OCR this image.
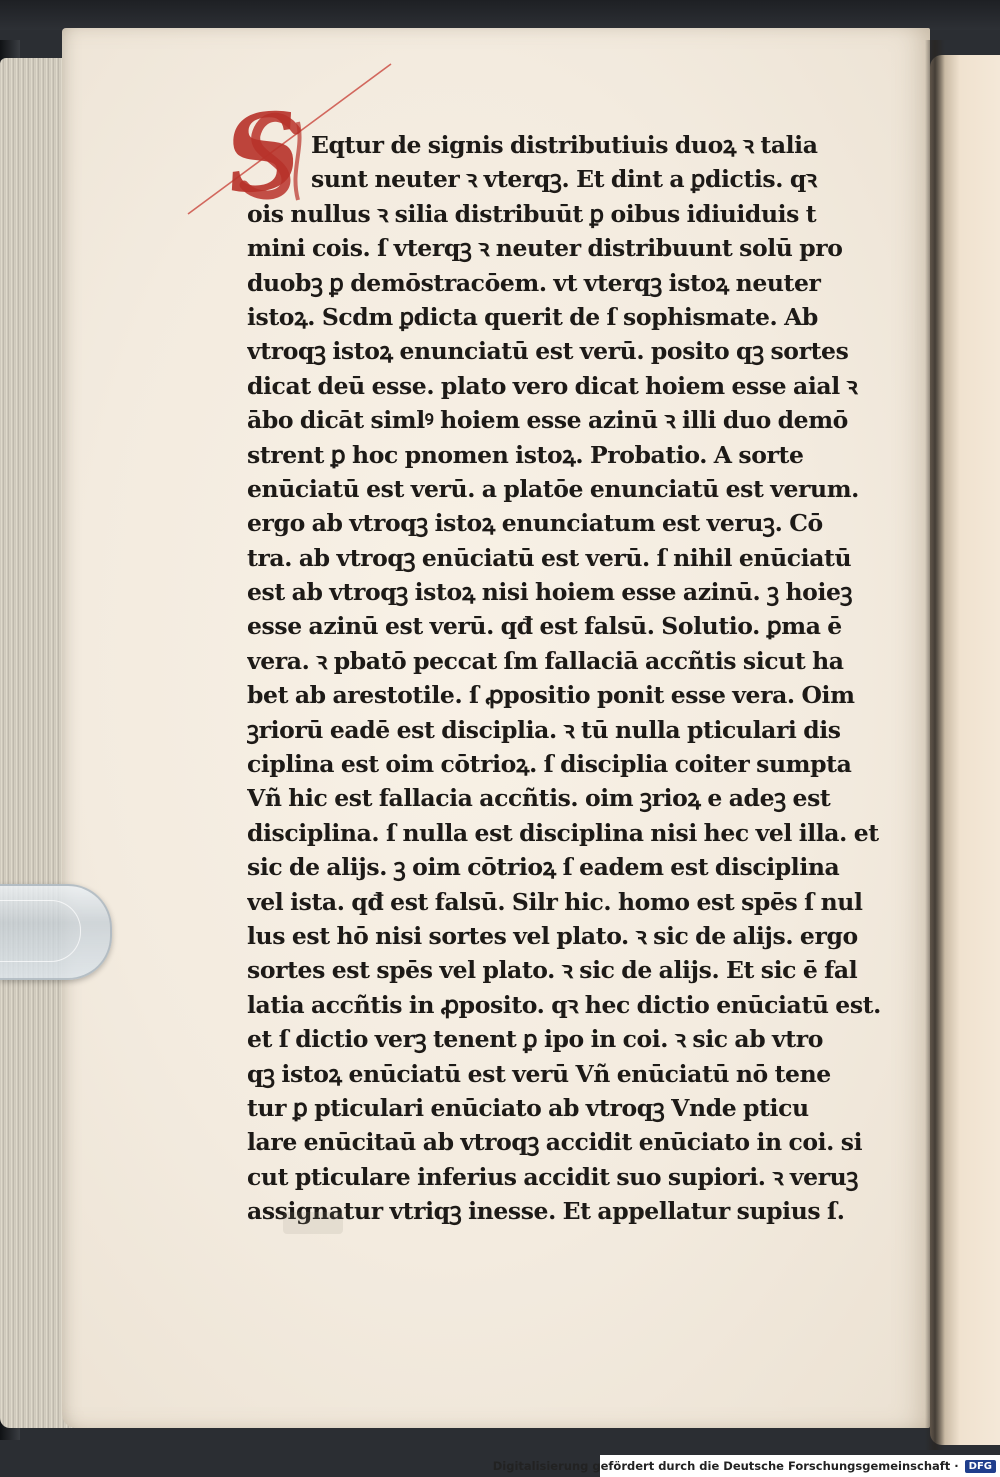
S Eqtur de signis distributiuis duoꝝ ꝛ talia
sunt neuter ꝛ vterqꝫ. Et dint a ꝑdictis. qꝛ
ois nullus ꝛ silia distribuūt ꝑ oibus idiuiduis t
mini cois. ſ vterqꝫ ꝛ neuter distribuunt solū pro
duobꝫ ꝑ demōstracōem. vt vterqꝫ istoꝝ neuter
istoꝝ. Scdm ꝑdicta querit de ſ sophismate. Ab
vtroqꝫ istoꝝ enunciatū est verū. posito qꝫ sortes
dicat deū esse. plato vero dicat hoiem esse aial ꝛ
ābo dicāt simlꝰ hoiem esse azinū ꝛ illi duo demō
strent ꝑ hoc pnomen istoꝝ. Probatio. A sorte
enūciatū est verū. a platōe enunciatū est verum.
ergo ab vtroqꝫ istoꝝ enunciatum est veruꝫ. Cō
tra. ab vtroqꝫ enūciatū est verū. ſ nihil enūciatū
est ab vtroqꝫ istoꝝ nisi hoiem esse azinū. ꝫ hoieꝫ
esse azinū est verū. qđ est falsū. Solutio. ꝑma ē
vera. ꝛ pbatō peccat ſm fallaciā accñtis sicut ha
bet ab arestotile. ſ ꝓpositio ponit esse vera. Oim
ꝫriorū eadē est disciplia. ꝛ tū nulla pticulari dis
ciplina est oim cōtrioꝝ. ſ disciplia coiter sumpta
Vñ hic est fallacia accñtis. oim ꝫrioꝝ e adeꝫ est
disciplina. ſ nulla est disciplina nisi hec vel illa. et
sic de alijs. ꝫ oim cōtrioꝝ ſ eadem est disciplina
vel ista. qđ est falsū. Silr hic. homo est spēs ſ nul
lus est hō nisi sortes vel plato. ꝛ sic de alijs. ergo
sortes est spēs vel plato. ꝛ sic de alijs. Et sic ē fal
latia accñtis in ꝓposito. qꝛ hec dictio enūciatū est.
et ſ dictio verꝫ tenent ꝑ ipo in coi. ꝛ sic ab vtro
qꝫ istoꝝ enūciatū est verū Vñ enūciatū nō tene
tur ꝑ pticulari enūciato ab vtroqꝫ Vnde pticu
lare enūcitaū ab vtroqꝫ accidit enūciato in coi. si
cut pticulare inferius accidit suo supiori. ꝛ veruꝫ
assignatur vtriqꝫ inesse. Et appellatur supius ſ.
Digitalisierung gefördert durch die Deutsche Forschungsgemeinschaft ·	DFG
